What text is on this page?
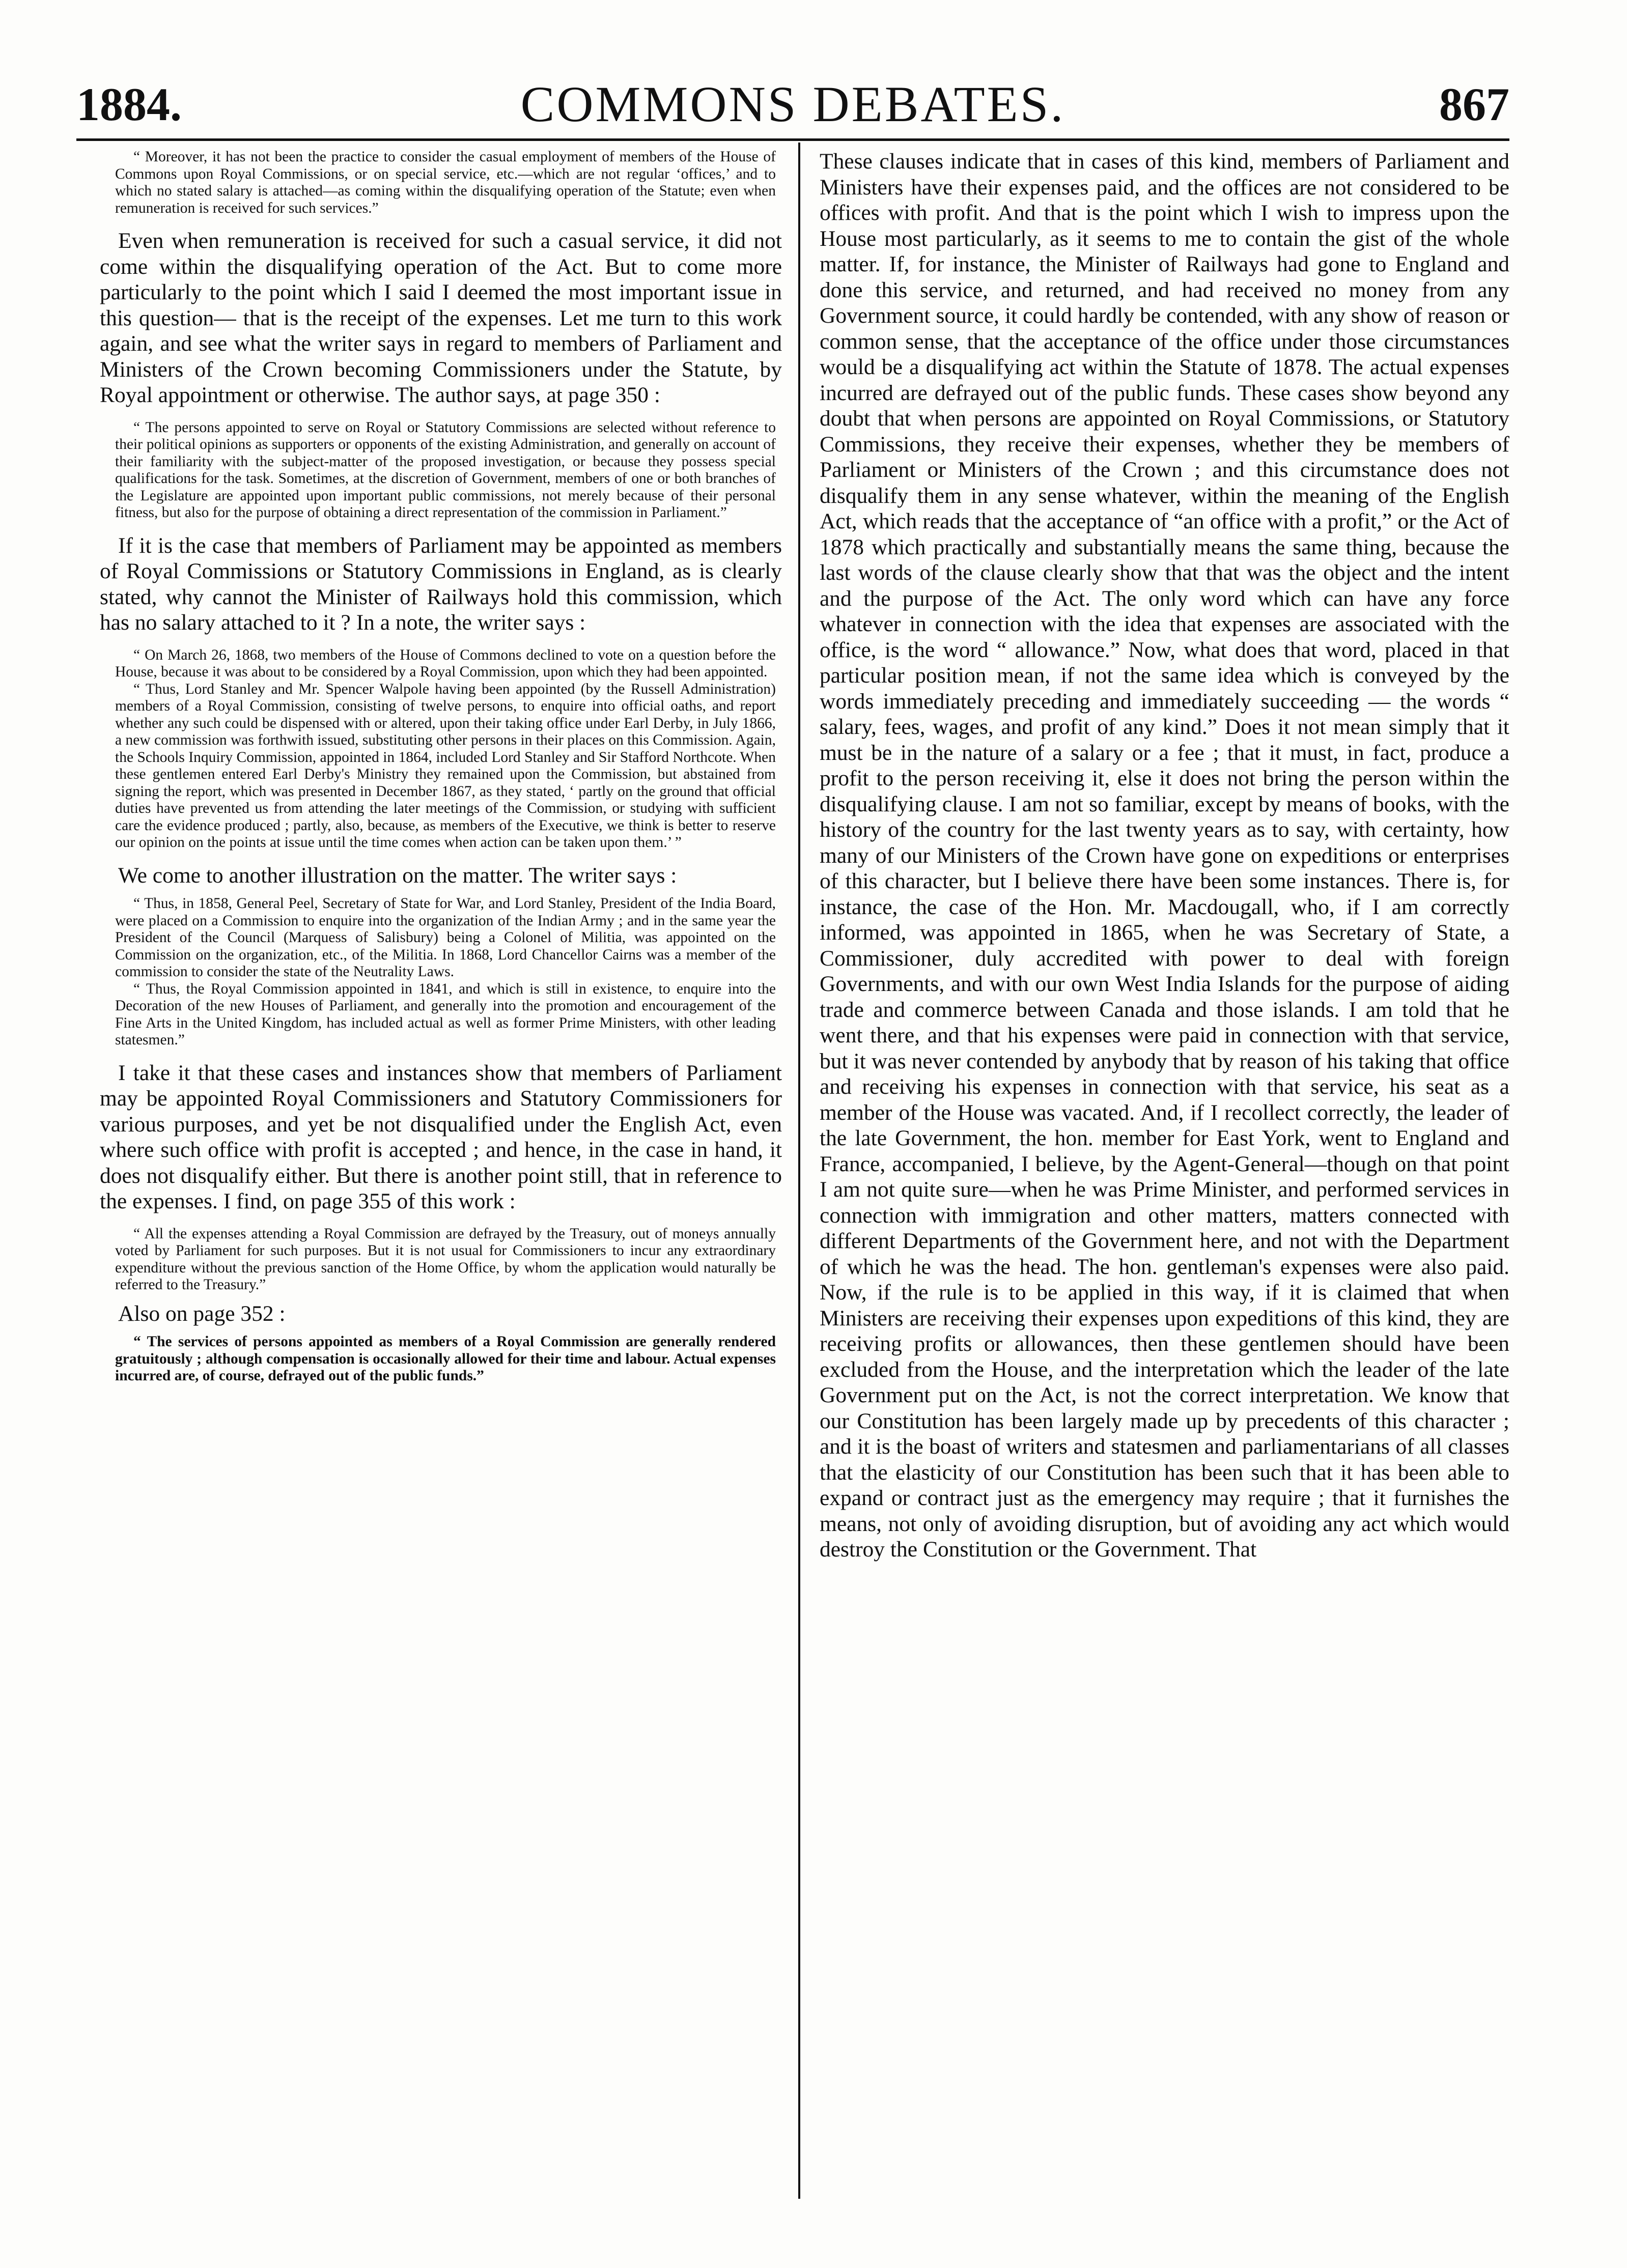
1884.	COMMONS DEBATES.	867

“ Moreover, it has not been the practice to consider the casual employment of members of the House of Commons upon Royal Commissions, or on special service, etc.—which are not regular ‘offices,’ and to which no stated salary is attached—as coming within the disqualifying operation of the Statute; even when remuneration is received for such services.”

Even when remuneration is received for such a casual service, it did not come within the disqualifying operation of the Act. But to come more particularly to the point which I said I deemed the most important issue in this question— that is the receipt of the expenses. Let me turn to this work again, and see what the writer says in regard to members of Parliament and Ministers of the Crown becoming Commissioners under the Statute, by Royal appointment or otherwise. The author says, at page 350 :

“ The persons appointed to serve on Royal or Statutory Commissions are selected without reference to their political opinions as supporters or opponents of the existing Administration, and generally on account of their familiarity with the subject-matter of the proposed investigation, or because they possess special qualifications for the task. Sometimes, at the discretion of Government, members of one or both branches of the Legislature are appointed upon important public commissions, not merely because of their personal fitness, but also for the purpose of obtaining a direct representation of the commission in Parliament.”

If it is the case that members of Parliament may be appointed as members of Royal Commissions or Statutory Commissions in England, as is clearly stated, why cannot the Minister of Railways hold this commission, which has no salary attached to it ? In a note, the writer says :

“ On March 26, 1868, two members of the House of Commons declined to vote on a question before the House, because it was about to be considered by a Royal Commission, upon which they had been appointed.

“ Thus, Lord Stanley and Mr. Spencer Walpole having been appointed (by the Russell Administration) members of a Royal Commission, consisting of twelve persons, to enquire into official oaths, and report whether any such could be dispensed with or altered, upon their taking office under Earl Derby, in July 1866, a new commission was forthwith issued, substituting other persons in their places on this Commission. Again, the Schools Inquiry Commission, appointed in 1864, included Lord Stanley and Sir Stafford Northcote. When these gentlemen entered Earl Derby's Ministry they remained upon the Commission, but abstained from signing the report, which was presented in December 1867, as they stated, ‘ partly on the ground that official duties have prevented us from attending the later meetings of the Commission, or studying with sufficient care the evidence produced ; partly, also, because, as members of the Executive, we think is better to reserve our opinion on the points at issue until the time comes when action can be taken upon them.’ ”

We come to another illustration on the matter. The writer says :

“ Thus, in 1858, General Peel, Secretary of State for War, and Lord Stanley, President of the India Board, were placed on a Commission to enquire into the organization of the Indian Army ; and in the same year the President of the Council (Marquess of Salisbury) being a Colonel of Militia, was appointed on the Commission on the organization, etc., of the Militia. In 1868, Lord Chancellor Cairns was a member of the commission to consider the state of the Neutrality Laws.

“ Thus, the Royal Commission appointed in 1841, and which is still in existence, to enquire into the Decoration of the new Houses of Parliament, and generally into the promotion and encouragement of the Fine Arts in the United Kingdom, has included actual as well as former Prime Ministers, with other leading statesmen.”

I take it that these cases and instances show that members of Parliament may be appointed Royal Commissioners and Statutory Commissioners for various purposes, and yet be not disqualified under the English Act, even where such office with profit is accepted ; and hence, in the case in hand, it does not disqualify either. But there is another point still, that in reference to the expenses. I find, on page 355 of this work :

“ All the expenses attending a Royal Commission are defrayed by the Treasury, out of moneys annually voted by Parliament for such purposes. But it is not usual for Commissioners to incur any extraordinary expenditure without the previous sanction of the Home Office, by whom the application would naturally be referred to the Treasury.”

Also on page 352 :

“ The services of persons appointed as members of a Royal Commission are generally rendered gratuitously ; although compensation is occasionally allowed for their time and labour. Actual expenses incurred are, of course, defrayed out of the public funds.”

These clauses indicate that in cases of this kind, members of Parliament and Ministers have their expenses paid, and the offices are not considered to be offices with profit. And that is the point which I wish to impress upon the House most particularly, as it seems to me to contain the gist of the whole matter. If, for instance, the Minister of Railways had gone to England and done this service, and returned, and had received no money from any Government source, it could hardly be contended, with any show of reason or common sense, that the acceptance of the office under those circumstances would be a disqualifying act within the Statute of 1878. The actual expenses incurred are defrayed out of the public funds. These cases show beyond any doubt that when persons are appointed on Royal Commissions, or Statutory Commissions, they receive their expenses, whether they be members of Parliament or Ministers of the Crown ; and this circumstance does not disqualify them in any sense whatever, within the meaning of the English Act, which reads that the acceptance of “an office with a profit,” or the Act of 1878 which practically and substantially means the same thing, because the last words of the clause clearly show that that was the object and the intent and the purpose of the Act. The only word which can have any force whatever in connection with the idea that expenses are associated with the office, is the word “ allowance.” Now, what does that word, placed in that particular position mean, if not the same idea which is conveyed by the words immediately preceding and immediately succeeding — the words “ salary, fees, wages, and profit of any kind.” Does it not mean simply that it must be in the nature of a salary or a fee ; that it must, in fact, produce a profit to the person receiving it, else it does not bring the person within the disqualifying clause. I am not so familiar, except by means of books, with the history of the country for the last twenty years as to say, with certainty, how many of our Ministers of the Crown have gone on expeditions or enterprises of this character, but I believe there have been some instances. There is, for instance, the case of the Hon. Mr. Macdougall, who, if I am correctly informed, was appointed in 1865, when he was Secretary of State, a Commissioner, duly accredited with power to deal with foreign Governments, and with our own West India Islands for the purpose of aiding trade and commerce between Canada and those islands. I am told that he went there, and that his expenses were paid in connection with that service, but it was never contended by anybody that by reason of his taking that office and receiving his expenses in connection with that service, his seat as a member of the House was vacated. And, if I recollect correctly, the leader of the late Government, the hon. member for East York, went to England and France, accompanied, I believe, by the Agent-General—though on that point I am not quite sure—when he was Prime Minister, and performed services in connection with immigration and other matters, matters connected with different Departments of the Government here, and not with the Department of which he was the head. The hon. gentleman's expenses were also paid. Now, if the rule is to be applied in this way, if it is claimed that when Ministers are receiving their expenses upon expeditions of this kind, they are receiving profits or allowances, then these gentlemen should have been excluded from the House, and the interpretation which the leader of the late Government put on the Act, is not the correct interpretation. We know that our Constitution has been largely made up by precedents of this character ; and it is the boast of writers and statesmen and parliamentarians of all classes that the elasticity of our Constitution has been such that it has been able to expand or contract just as the emergency may require ; that it furnishes the means, not only of avoiding disruption, but of avoiding any act which would destroy the Constitution or the Government. That
